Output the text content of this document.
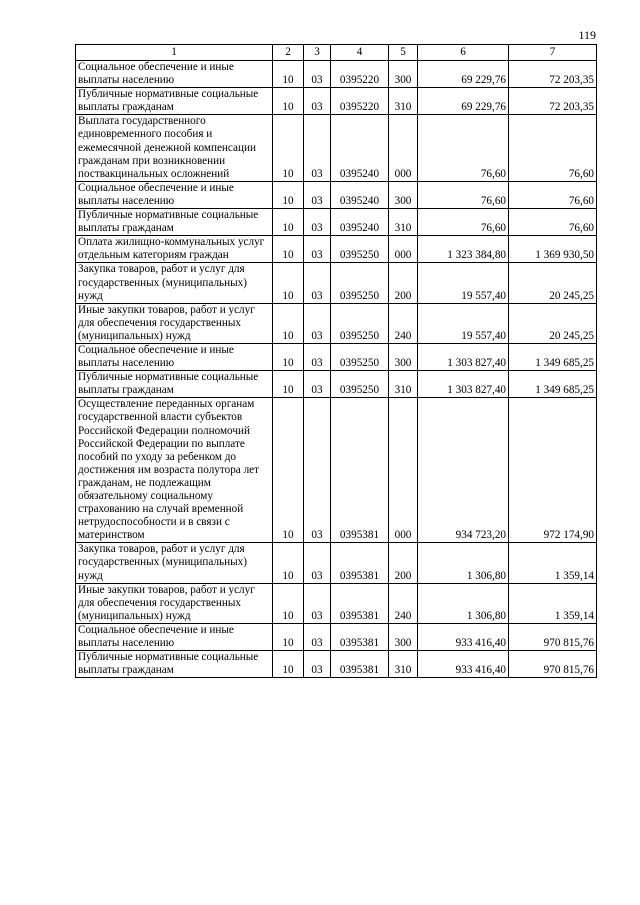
119
1	2	3	4	5	6	7
Социальное обеспечение и иные выплаты населению	10	03	0395220	300	69 229,76	72 203,35
Публичные нормативные социальные выплаты гражданам	10	03	0395220	310	69 229,76	72 203,35
Выплата государственного единовременного пособия и ежемесячной денежной компенсации гражданам при возникновении поствакцинальных осложнений	10	03	0395240	000	76,60	76,60
Социальное обеспечение и иные выплаты населению	10	03	0395240	300	76,60	76,60
Публичные нормативные социальные выплаты гражданам	10	03	0395240	310	76,60	76,60
Оплата жилищно-коммунальных услуг отдельным категориям граждан	10	03	0395250	000	1 323 384,80	1 369 930,50
Закупка товаров, работ и услуг для государственных (муниципальных) нужд	10	03	0395250	200	19 557,40	20 245,25
Иные закупки товаров, работ и услуг для обеспечения государственных (муниципальных) нужд	10	03	0395250	240	19 557,40	20 245,25
Социальное обеспечение и иные выплаты населению	10	03	0395250	300	1 303 827,40	1 349 685,25
Публичные нормативные социальные выплаты гражданам	10	03	0395250	310	1 303 827,40	1 349 685,25
Осуществление переданных органам государственной власти субъектов Российской Федерации полномочий Российской Федерации по выплате пособий по уходу за ребенком до достижения им возраста полутора лет гражданам, не подлежащим обязательному социальному страхованию на случай временной нетрудоспособности и в связи с материнством	10	03	0395381	000	934 723,20	972 174,90
Закупка товаров, работ и услуг для государственных (муниципальных) нужд	10	03	0395381	200	1 306,80	1 359,14
Иные закупки товаров, работ и услуг для обеспечения государственных (муниципальных) нужд	10	03	0395381	240	1 306,80	1 359,14
Социальное обеспечение и иные выплаты населению	10	03	0395381	300	933 416,40	970 815,76
Публичные нормативные социальные выплаты гражданам	10	03	0395381	310	933 416,40	970 815,76
